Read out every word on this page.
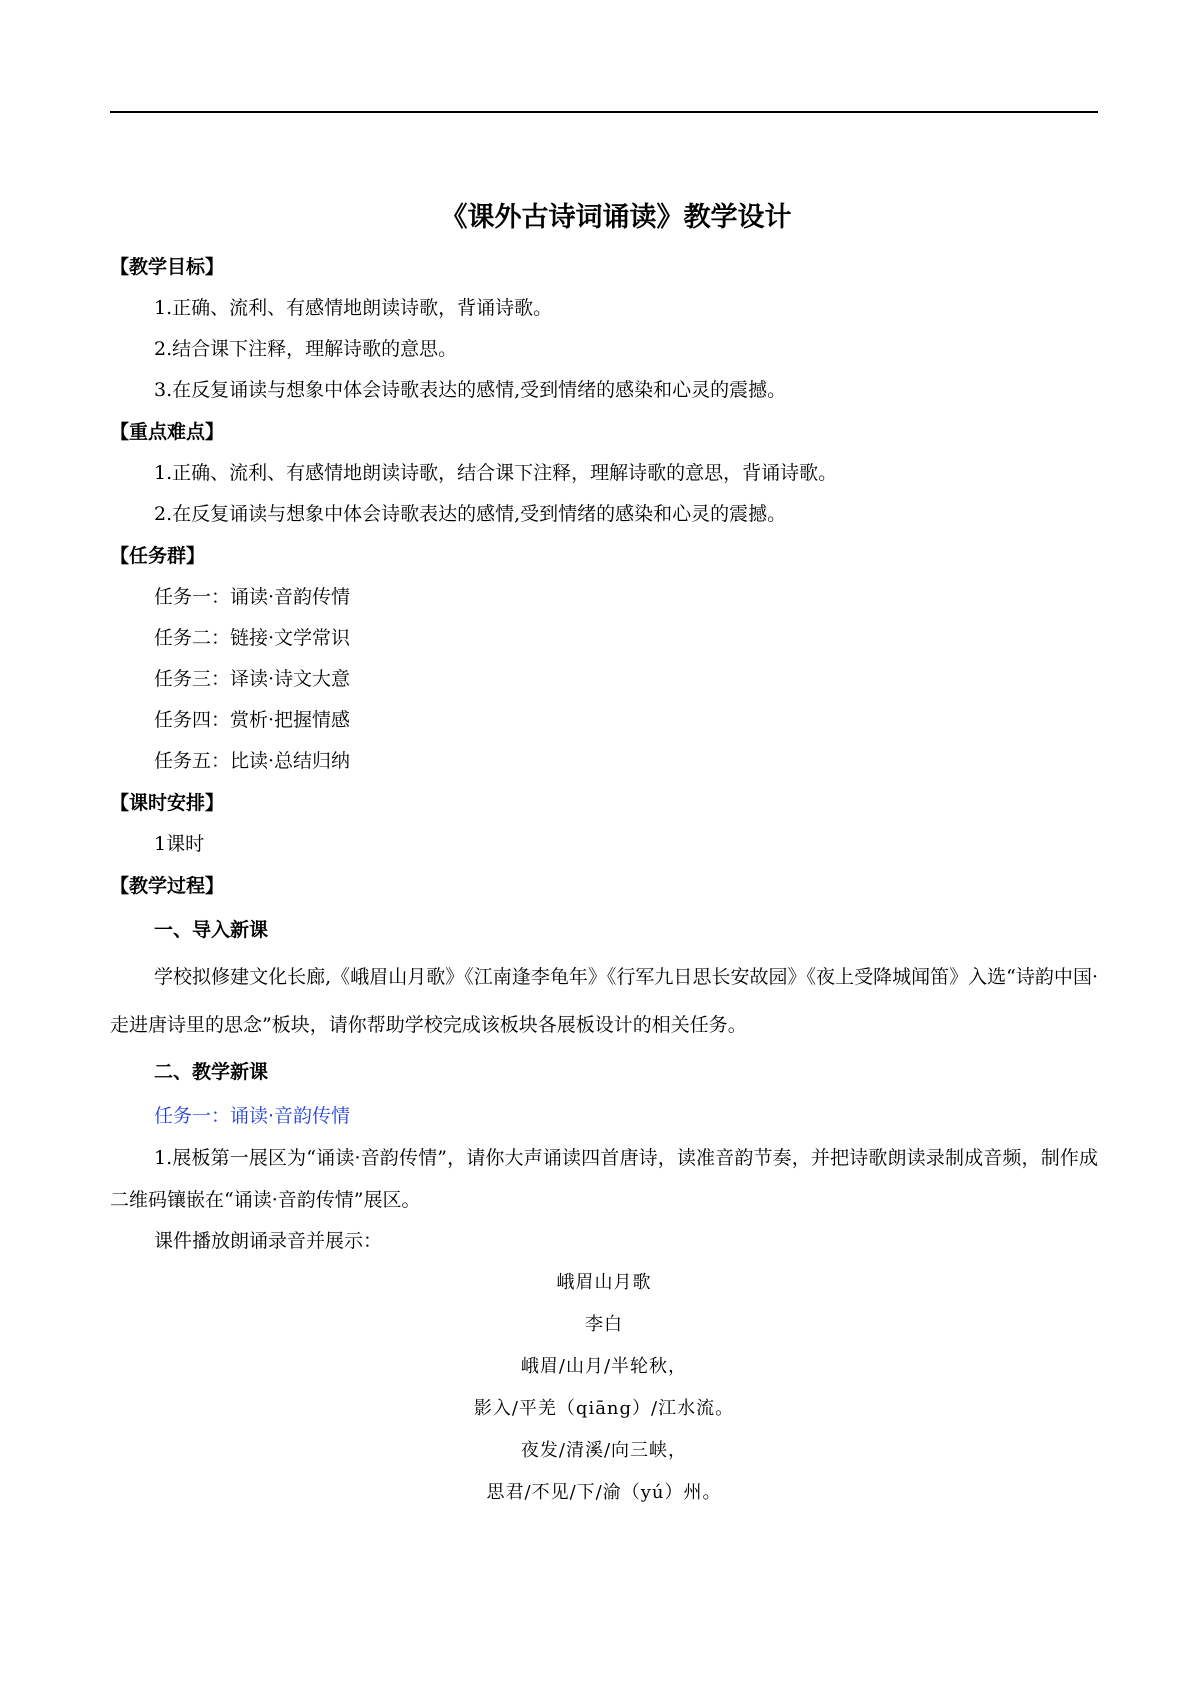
《课外古诗词诵读》教学设计
【教学目标】
1.正确、流利、有感情地朗读诗歌，背诵诗歌。
2.结合课下注释，理解诗歌的意思。
3.在反复诵读与想象中体会诗歌表达的感情,受到情绪的感染和心灵的震撼。
【重点难点】
1.正确、流利、有感情地朗读诗歌，结合课下注释，理解诗歌的意思，背诵诗歌。
2.在反复诵读与想象中体会诗歌表达的感情,受到情绪的感染和心灵的震撼。
【任务群】
任务一：诵读·音韵传情
任务二：链接·文学常识
任务三：译读·诗文大意
任务四：赏析·把握情感
任务五：比读·总结归纳
【课时安排】
1课时
【教学过程】
一、导入新课

学校拟修建文化长廊,《峨眉山月歌》《江南逢李龟年》《行军九日思长安故园》《夜上受降城闻笛》入选“诗韵中国·走进唐诗里的思念”板块，请你帮助学校完成该板块各展板设计的相关任务。

二、教学新课
任务一：诵读·音韵传情

1.展板第一展区为“诵读·音韵传情”，请你大声诵读四首唐诗，读准音韵节奏，并把诗歌朗读录制成音频，制作成二维码镶嵌在“诵读·音韵传情”展区。

课件播放朗诵录音并展示：
峨眉山月歌
李白
峨眉/山月/半轮秋，
影入/平羌（qiāng）/江水流。
夜发/清溪/向三峡，
思君/不见/下/渝（yú）州。
